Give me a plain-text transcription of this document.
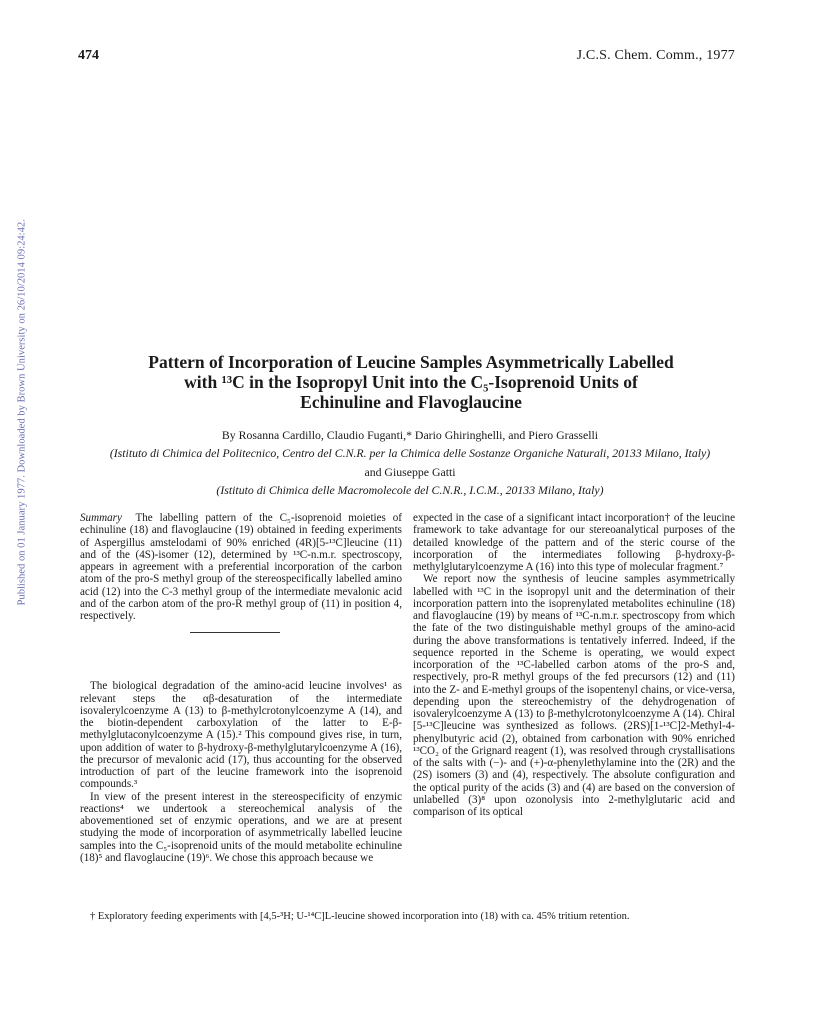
474	J.C.S. Chem. Comm., 1977
Published on 01 January 1977. Downloaded by Brown University on 26/10/2014 09:24:42.	Pattern of Incorporation of Leucine Samples Asymmetrically Labelled
with ¹³C in the Isopropyl Unit into the C₅-Isoprenoid Units of
Echinuline and Flavoglaucine
By Rosanna Cardillo, Claudio Fuganti,* Dario Ghiringhelli, and Piero Grasselli
(Istituto di Chimica del Politecnico, Centro del C.N.R. per la Chimica delle Sostanze Organiche Naturali, 20133 Milano, Italy)
and Giuseppe Gatti
(Istituto di Chimica delle Macromolecole del C.N.R., I.C.M., 20133 Milano, Italy)

Summary The labelling pattern of the C₅-isoprenoid moieties of echinuline (18) and flavoglaucine (19) obtained in feeding experiments of Aspergillus amstelodami of 90% enriched (4R)[5-¹³C]leucine (11) and of the (4S)-isomer (12), determined by ¹³C-n.m.r. spectroscopy, appears in agreement with a preferential incorporation of the carbon atom of the pro-S methyl group of the stereospecifically labelled amino acid (12) into the C-3 methyl group of the intermediate mevalonic acid and of the carbon atom of the pro-R methyl group of (11) in position 4, respectively.

The biological degradation of the amino-acid leucine involves¹ as relevant steps the αβ-desaturation of the intermediate isovalerylcoenzyme A (13) to β-methylcrotonylcoenzyme A (14), and the biotin-dependent carboxylation of the latter to E-β-methylglutaconylcoenzyme A (15).² This compound gives rise, in turn, upon addition of water to β-hydroxy-β-methylglutarylcoenzyme A (16), the precursor of mevalonic acid (17), thus accounting for the observed introduction of part of the leucine framework into the isoprenoid compounds.³

In view of the present interest in the stereospecificity of enzymic reactions⁴ we undertook a stereochemical analysis of the abovementioned set of enzymic operations, and we are at present studying the mode of incorporation of asymmetrically labelled leucine samples into the C₅-isoprenoid units of the mould metabolite echinuline (18)⁵ and flavoglaucine (19)⁶. We chose this approach because we

expected in the case of a significant intact incorporation† of the leucine framework to take advantage for our stereoanalytical purposes of the detailed knowledge of the pattern and of the steric course of the incorporation of the intermediates following β-hydroxy-β-methylglutarylcoenzyme A (16) into this type of molecular fragment.⁷

We report now the synthesis of leucine samples asymmetrically labelled with ¹³C in the isopropyl unit and the determination of their incorporation pattern into the isoprenylated metabolites echinuline (18) and flavoglaucine (19) by means of ¹³C-n.m.r. spectroscopy from which the fate of the two distinguishable methyl groups of the amino-acid during the above transformations is tentatively inferred. Indeed, if the sequence reported in the Scheme is operating, we would expect incorporation of the ¹³C-labelled carbon atoms of the pro-S and, respectively, pro-R methyl groups of the fed precursors (12) and (11) into the Z- and E-methyl groups of the isopentenyl chains, or vice-versa, depending upon the stereochemistry of the dehydrogenation of isovalerylcoenzyme A (13) to β-methylcrotonylcoenzyme A (14). Chiral [5-¹³C]leucine was synthesized as follows. (2RS)[1-¹³C]2-Methyl-4-phenylbutyric acid (2), obtained from carbonation with 90% enriched ¹³CO₂ of the Grignard reagent (1), was resolved through crystallisations of the salts with (−)- and (+)-α-phenylethylamine into the (2R) and the (2S) isomers (3) and (4), respectively. The absolute configuration and the optical purity of the acids (3) and (4) are based on the conversion of unlabelled (3)⁸ upon ozonolysis into 2-methylglutaric acid and comparison of its optical

† Exploratory feeding experiments with [4,5-³H; U-¹⁴C]L-leucine showed incorporation into (18) with ca. 45% tritium retention.
